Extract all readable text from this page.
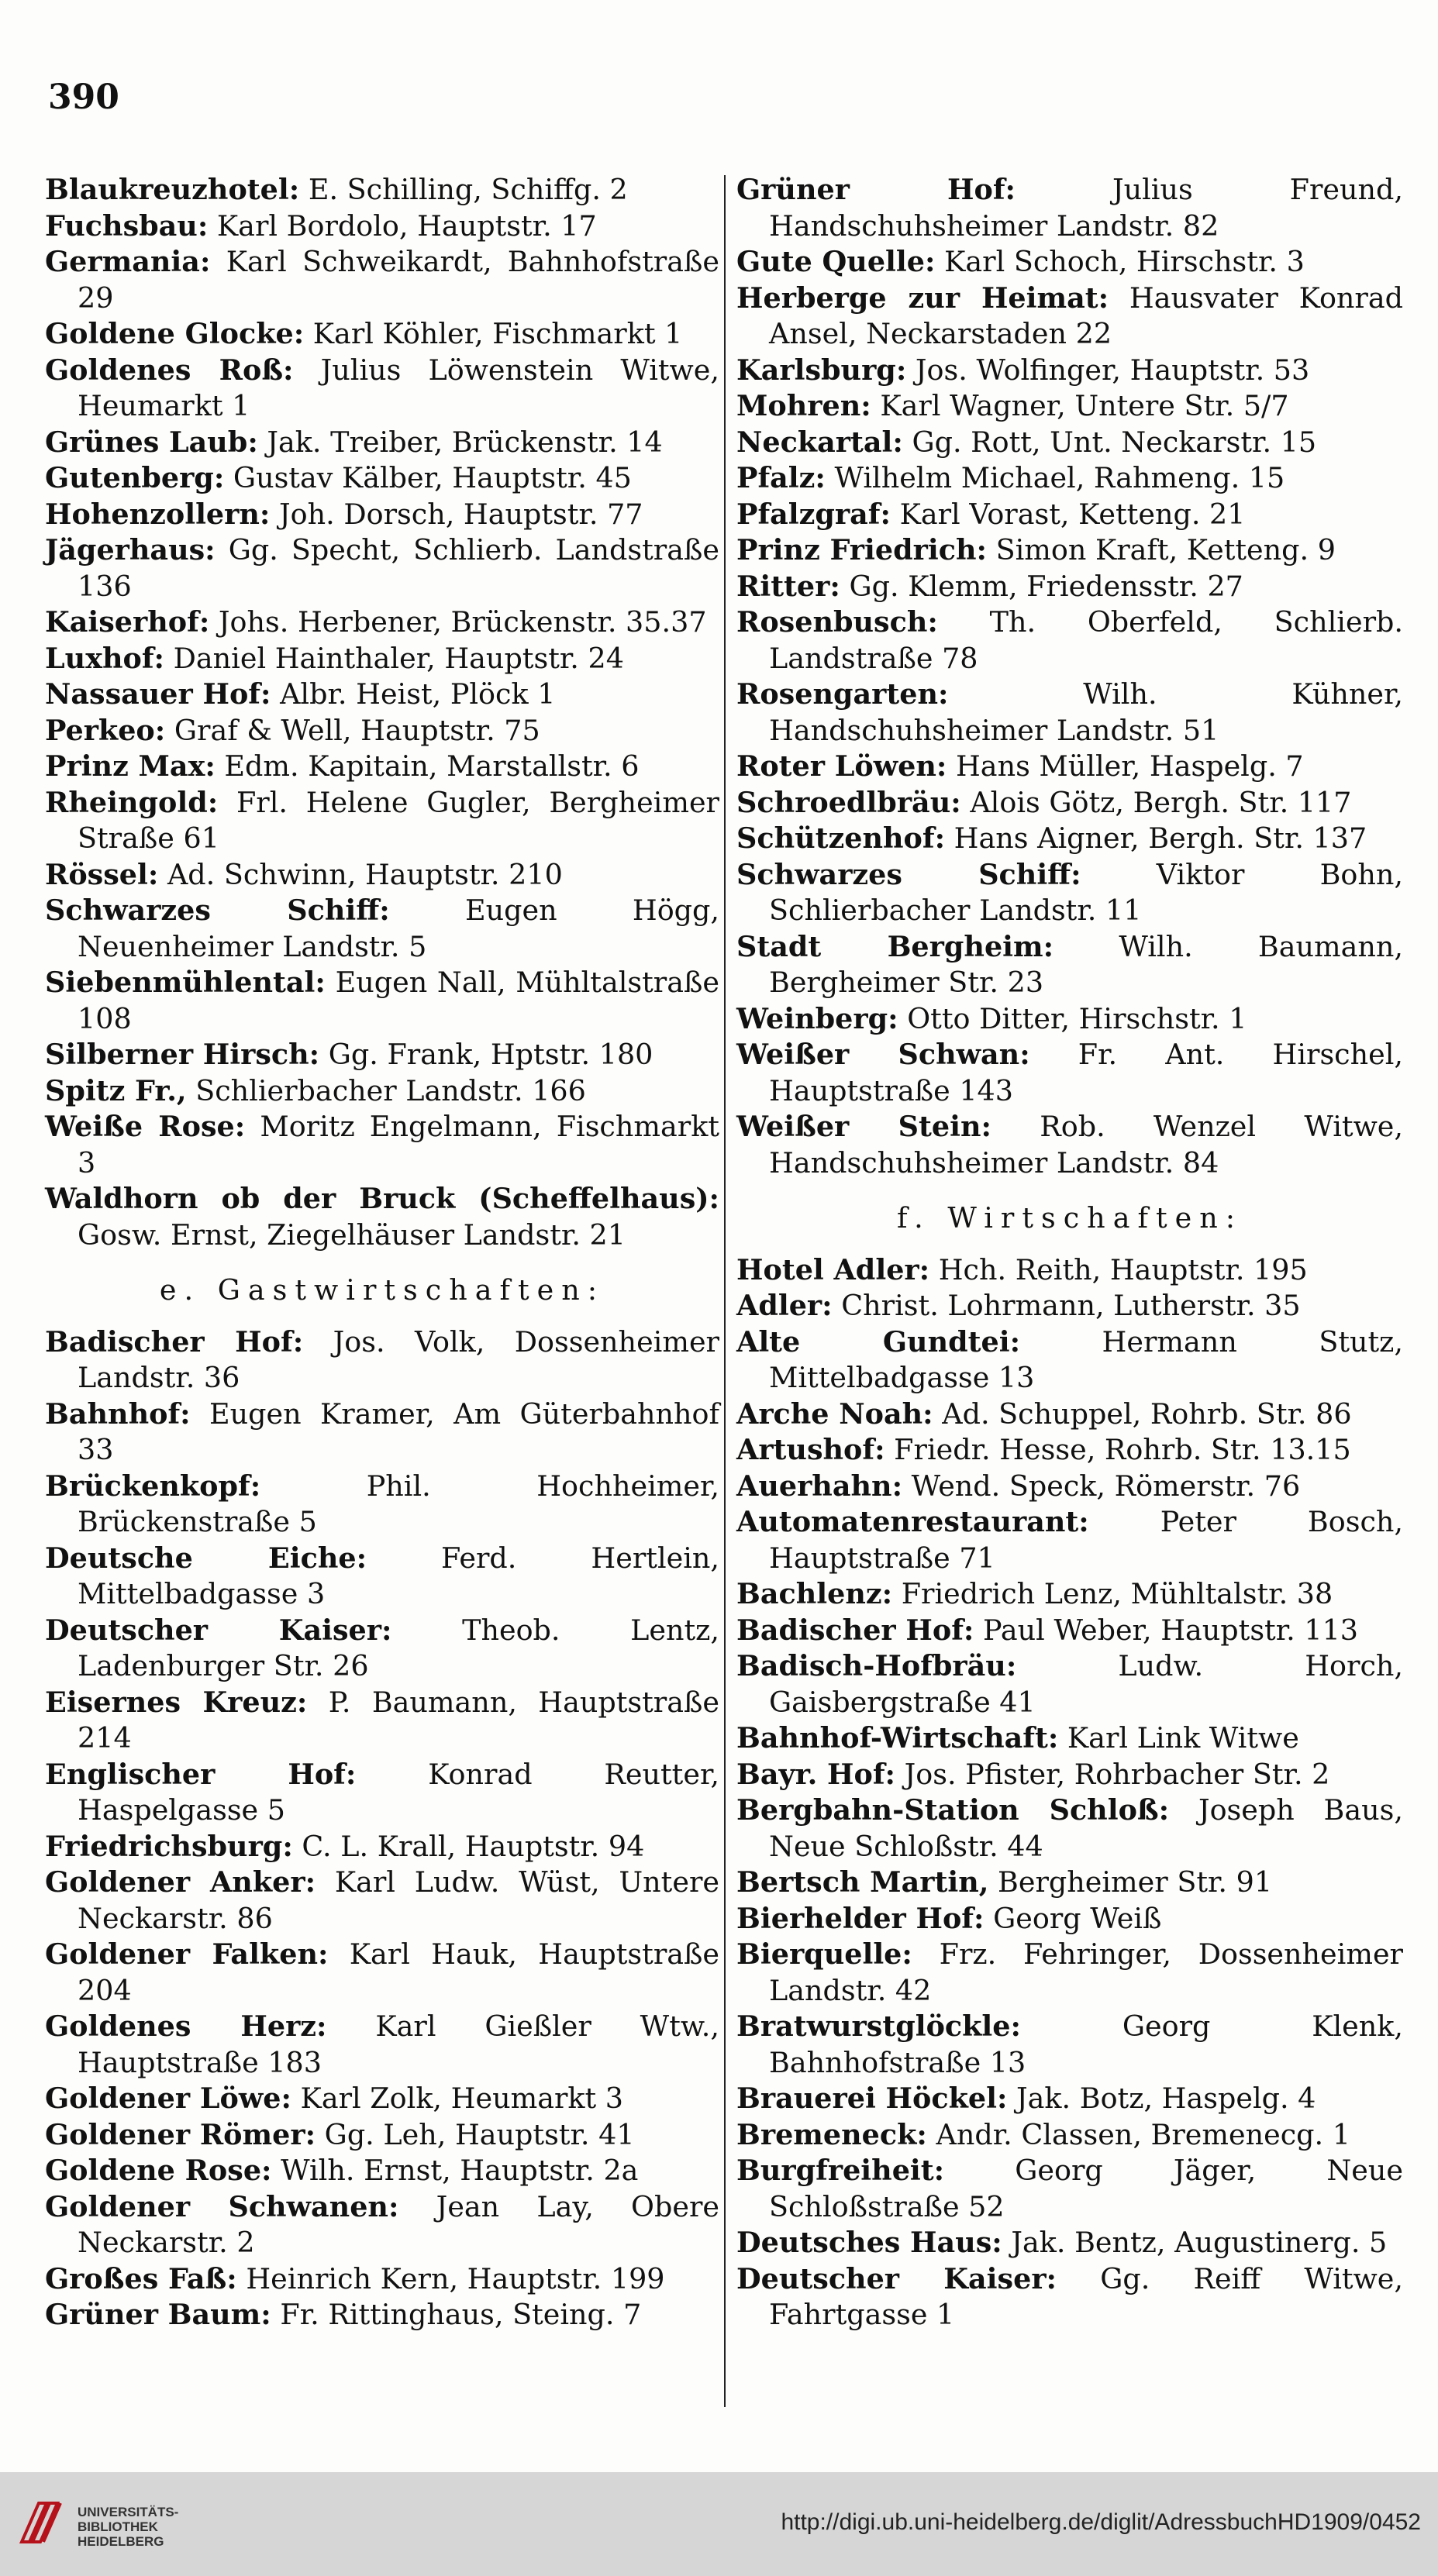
390

Blaukreuzhotel: E. Schilling, Schiffg. 2

Fuchsbau: Karl Bordolo, Hauptstr. 17

Germania: Karl Schweikardt, Bahnhofstraße 29

Goldene Glocke: Karl Köhler, Fischmarkt 1

Goldenes Roß: Julius Löwenstein Witwe, Heumarkt 1

Grünes Laub: Jak. Treiber, Brückenstr. 14

Gutenberg: Gustav Kälber, Hauptstr. 45

Hohenzollern: Joh. Dorsch, Hauptstr. 77

Jägerhaus: Gg. Specht, Schlierb. Landstraße 136

Kaiserhof: Johs. Herbener, Brückenstr. 35.37

Luxhof: Daniel Hainthaler, Hauptstr. 24

Nassauer Hof: Albr. Heist, Plöck 1

Perkeo: Graf & Well, Hauptstr. 75

Prinz Max: Edm. Kapitain, Marstallstr. 6

Rheingold: Frl. Helene Gugler, Bergheimer Straße 61

Rössel: Ad. Schwinn, Hauptstr. 210

Schwarzes Schiff: Eugen Högg, Neuenheimer Landstr. 5

Siebenmühlental: Eugen Nall, Mühltalstraße 108

Silberner Hirsch: Gg. Frank, Hptstr. 180

Spitz Fr., Schlierbacher Landstr. 166

Weiße Rose: Moritz Engelmann, Fischmarkt 3

Waldhorn ob der Bruck (Scheffelhaus): Gosw. Ernst, Ziegelhäuser Landstr. 21

e. Gastwirtschaften:

Badischer Hof: Jos. Volk, Dossenheimer Landstr. 36

Bahnhof: Eugen Kramer, Am Güterbahnhof 33

Brückenkopf: Phil. Hochheimer, Brückenstraße 5

Deutsche Eiche: Ferd. Hertlein, Mittelbadgasse 3

Deutscher Kaiser: Theob. Lentz, Ladenburger Str. 26

Eisernes Kreuz: P. Baumann, Hauptstraße 214

Englischer Hof: Konrad Reutter, Haspelgasse 5

Friedrichsburg: C. L. Krall, Hauptstr. 94

Goldener Anker: Karl Ludw. Wüst, Untere Neckarstr. 86

Goldener Falken: Karl Hauk, Hauptstraße 204

Goldenes Herz: Karl Gießler Wtw., Hauptstraße 183

Goldener Löwe: Karl Zolk, Heumarkt 3

Goldener Römer: Gg. Leh, Hauptstr. 41

Goldene Rose: Wilh. Ernst, Hauptstr. 2a

Goldener Schwanen: Jean Lay, Obere Neckarstr. 2

Großes Faß: Heinrich Kern, Hauptstr. 199

Grüner Baum: Fr. Rittinghaus, Steing. 7

Grüner Hof: Julius Freund, Handschuhsheimer Landstr. 82

Gute Quelle: Karl Schoch, Hirschstr. 3

Herberge zur Heimat: Hausvater Konrad Ansel, Neckarstaden 22

Karlsburg: Jos. Wolfinger, Hauptstr. 53

Mohren: Karl Wagner, Untere Str. 5/7

Neckartal: Gg. Rott, Unt. Neckarstr. 15

Pfalz: Wilhelm Michael, Rahmeng. 15

Pfalzgraf: Karl Vorast, Ketteng. 21

Prinz Friedrich: Simon Kraft, Ketteng. 9

Ritter: Gg. Klemm, Friedensstr. 27

Rosenbusch: Th. Oberfeld, Schlierb. Landstraße 78

Rosengarten: Wilh. Kühner, Handschuhsheimer Landstr. 51

Roter Löwen: Hans Müller, Haspelg. 7

Schroedlbräu: Alois Götz, Bergh. Str. 117

Schützenhof: Hans Aigner, Bergh. Str. 137

Schwarzes Schiff: Viktor Bohn, Schlierbacher Landstr. 11

Stadt Bergheim: Wilh. Baumann, Bergheimer Str. 23

Weinberg: Otto Ditter, Hirschstr. 1

Weißer Schwan: Fr. Ant. Hirschel, Hauptstraße 143

Weißer Stein: Rob. Wenzel Witwe, Handschuhsheimer Landstr. 84

f. Wirtschaften:

Hotel Adler: Hch. Reith, Hauptstr. 195

Adler: Christ. Lohrmann, Lutherstr. 35

Alte Gundtei: Hermann Stutz, Mittelbadgasse 13

Arche Noah: Ad. Schuppel, Rohrb. Str. 86

Artushof: Friedr. Hesse, Rohrb. Str. 13.15

Auerhahn: Wend. Speck, Römerstr. 76

Automatenrestaurant: Peter Bosch, Hauptstraße 71

Bachlenz: Friedrich Lenz, Mühltalstr. 38

Badischer Hof: Paul Weber, Hauptstr. 113

Badisch-Hofbräu: Ludw. Horch, Gaisbergstraße 41

Bahnhof-Wirtschaft: Karl Link Witwe

Bayr. Hof: Jos. Pfister, Rohrbacher Str. 2

Bergbahn-Station Schloß: Joseph Baus, Neue Schloßstr. 44

Bertsch Martin, Bergheimer Str. 91

Bierhelder Hof: Georg Weiß

Bierquelle: Frz. Fehringer, Dossenheimer Landstr. 42

Bratwurstglöckle: Georg Klenk, Bahnhofstraße 13

Brauerei Höckel: Jak. Botz, Haspelg. 4

Bremeneck: Andr. Classen, Bremenecg. 1

Burgfreiheit: Georg Jäger, Neue Schloßstraße 52

Deutsches Haus: Jak. Bentz, Augustinerg. 5

Deutscher Kaiser: Gg. Reiff Witwe, Fahrtgasse 1

UNIVERSITÄTS-
BIBLIOTHEK
HEIDELBERG
http://digi.ub.uni-heidelberg.de/diglit/AdressbuchHD1909/0452
